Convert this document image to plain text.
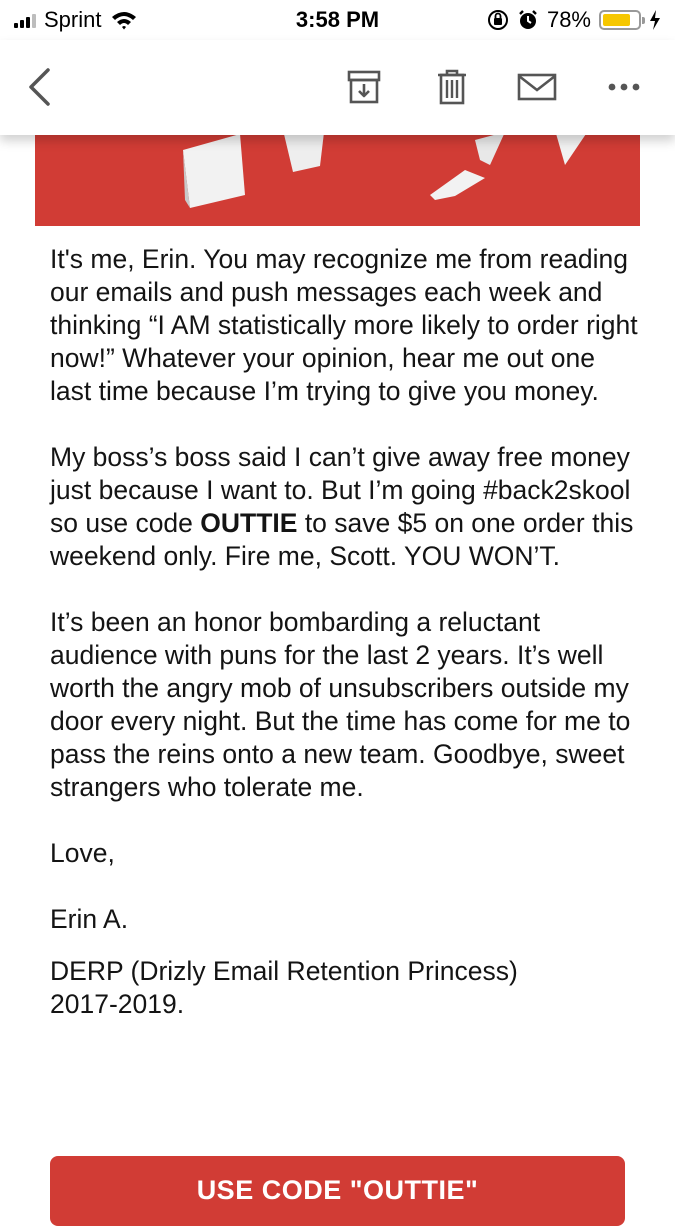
Sprint	3:58 PM	78%

It's me, Erin. You may recognize me from reading our emails and push messages each week and thinking “I AM statistically more likely to order right now!” Whatever your opinion, hear me out one last time because I’m trying to give you money.

My boss’s boss said I can’t give away free money just because I want to. But I’m going #back2skool so use code OUTTIE to save $5 on one order this weekend only. Fire me, Scott. YOU WON’T.

It’s been an honor bombarding a reluctant audience with puns for the last 2 years. It’s well worth the angry mob of unsubscribers outside my door every night. But the time has come for me to pass the reins onto a new team. Goodbye, sweet strangers who tolerate me.

Love,

Erin A.

DERP (Drizly Email Retention Princess) 2017-2019.

USE CODE "OUTTIE"
